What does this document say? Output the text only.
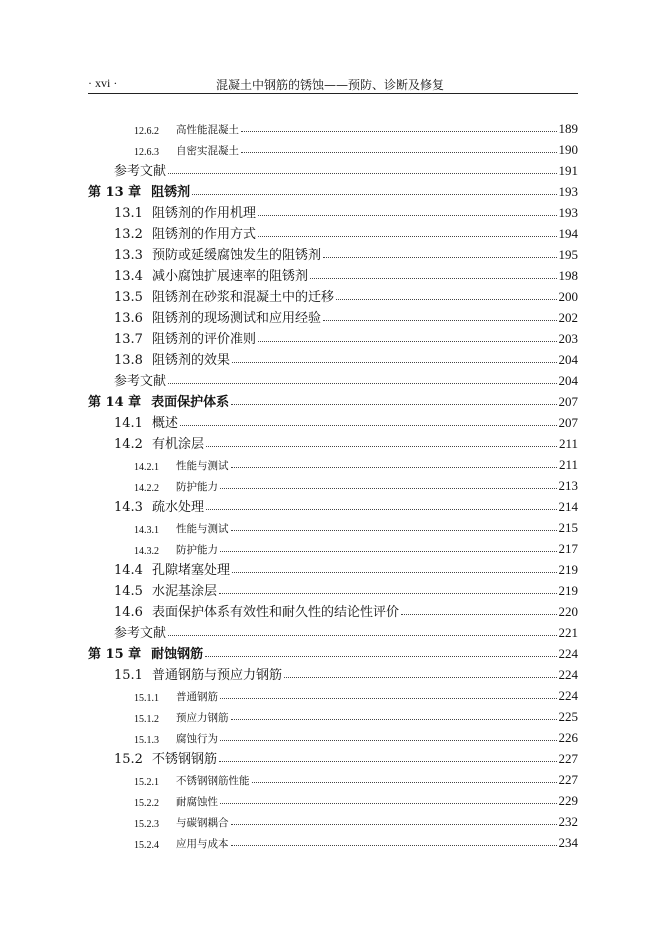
· xvi ·	混凝土中钢筋的锈蚀——预防、诊断及修复
12.6.2	高性能混凝土	189
12.6.3	自密实混凝土	190
参考文献	191
第 13 章 阻锈剂	193
13.1 阻锈剂的作用机理	193
13.2 阻锈剂的作用方式	194
13.3 预防或延缓腐蚀发生的阻锈剂	195
13.4 减小腐蚀扩展速率的阻锈剂	198
13.5 阻锈剂在砂浆和混凝土中的迁移	200
13.6 阻锈剂的现场测试和应用经验	202
13.7 阻锈剂的评价准则	203
13.8 阻锈剂的效果	204
参考文献	204
第 14 章 表面保护体系	207
14.1 概述	207
14.2 有机涂层	211
14.2.1	性能与测试	211
14.2.2	防护能力	213
14.3 疏水处理	214
14.3.1	性能与测试	215
14.3.2	防护能力	217
14.4 孔隙堵塞处理	219
14.5 水泥基涂层	219
14.6 表面保护体系有效性和耐久性的结论性评价	220
参考文献	221
第 15 章 耐蚀钢筋	224
15.1 普通钢筋与预应力钢筋	224
15.1.1	普通钢筋	224
15.1.2	预应力钢筋	225
15.1.3	腐蚀行为	226
15.2 不锈钢钢筋	227
15.2.1	不锈钢钢筋性能	227
15.2.2	耐腐蚀性	229
15.2.3	与碳钢耦合	232
15.2.4	应用与成本	234
